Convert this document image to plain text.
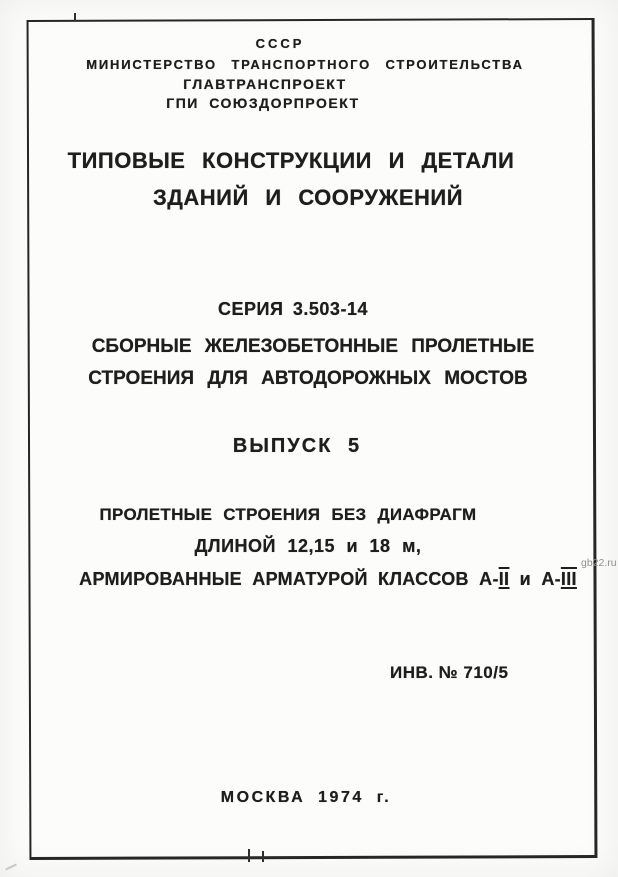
СССР
МИНИСТЕРСТВО ТРАНСПОРТНОГО СТРОИТЕЛЬСТВА
ГЛАВТРАНСПРОЕКТ
ГПИ СОЮЗДОРПРОЕКТ
ТИПОВЫЕ КОНСТРУКЦИИ И ДЕТАЛИ
ЗДАНИЙ И СООРУЖЕНИЙ
СЕРИЯ 3.503-14
СБОРНЫЕ ЖЕЛЕЗОБЕТОННЫЕ ПРОЛЕТНЫЕ
СТРОЕНИЯ ДЛЯ АВТОДОРОЖНЫХ МОСТОВ
ВЫПУСК 5
ПРОЛЕТНЫЕ СТРОЕНИЯ БЕЗ ДИАФРАГМ
ДЛИНОЙ 12,15 и 18 м,
АРМИРОВАННЫЕ АРМАТУРОЙ КЛАССОВ А-II и А-III
ИНВ. № 710/5
МОСКВА 1974 г.
gb22.ru
